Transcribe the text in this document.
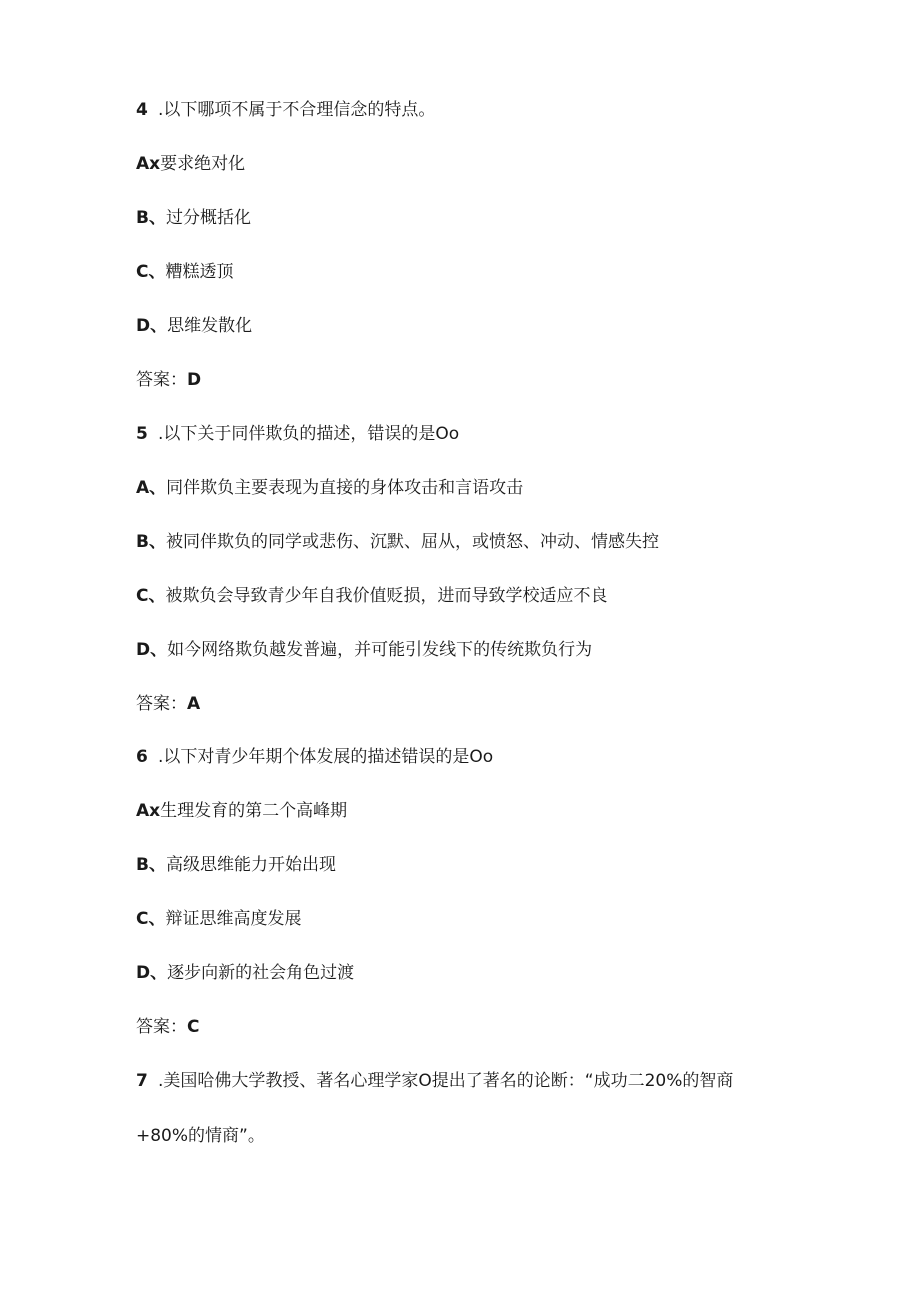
4 .以下哪项不属于不合理信念的特点。
Ax要求绝对化
B、过分概括化
C、糟糕透顶
D、思维发散化
答案：D
5 .以下关于同伴欺负的描述，错误的是Oo
A、同伴欺负主要表现为直接的身体攻击和言语攻击
B、被同伴欺负的同学或悲伤、沉默、屈从，或愤怒、冲动、情感失控
C、被欺负会导致青少年自我价值贬损，进而导致学校适应不良
D、如今网络欺负越发普遍，并可能引发线下的传统欺负行为
答案：A
6 .以下对青少年期个体发展的描述错误的是Oo
Ax生理发育的第二个高峰期
B、高级思维能力开始出现
C、辩证思维高度发展
D、逐步向新的社会角色过渡
答案：C
7 .美国哈佛大学教授、著名心理学家O提出了著名的论断：“成功二20%的智商
+80%的情商”。
